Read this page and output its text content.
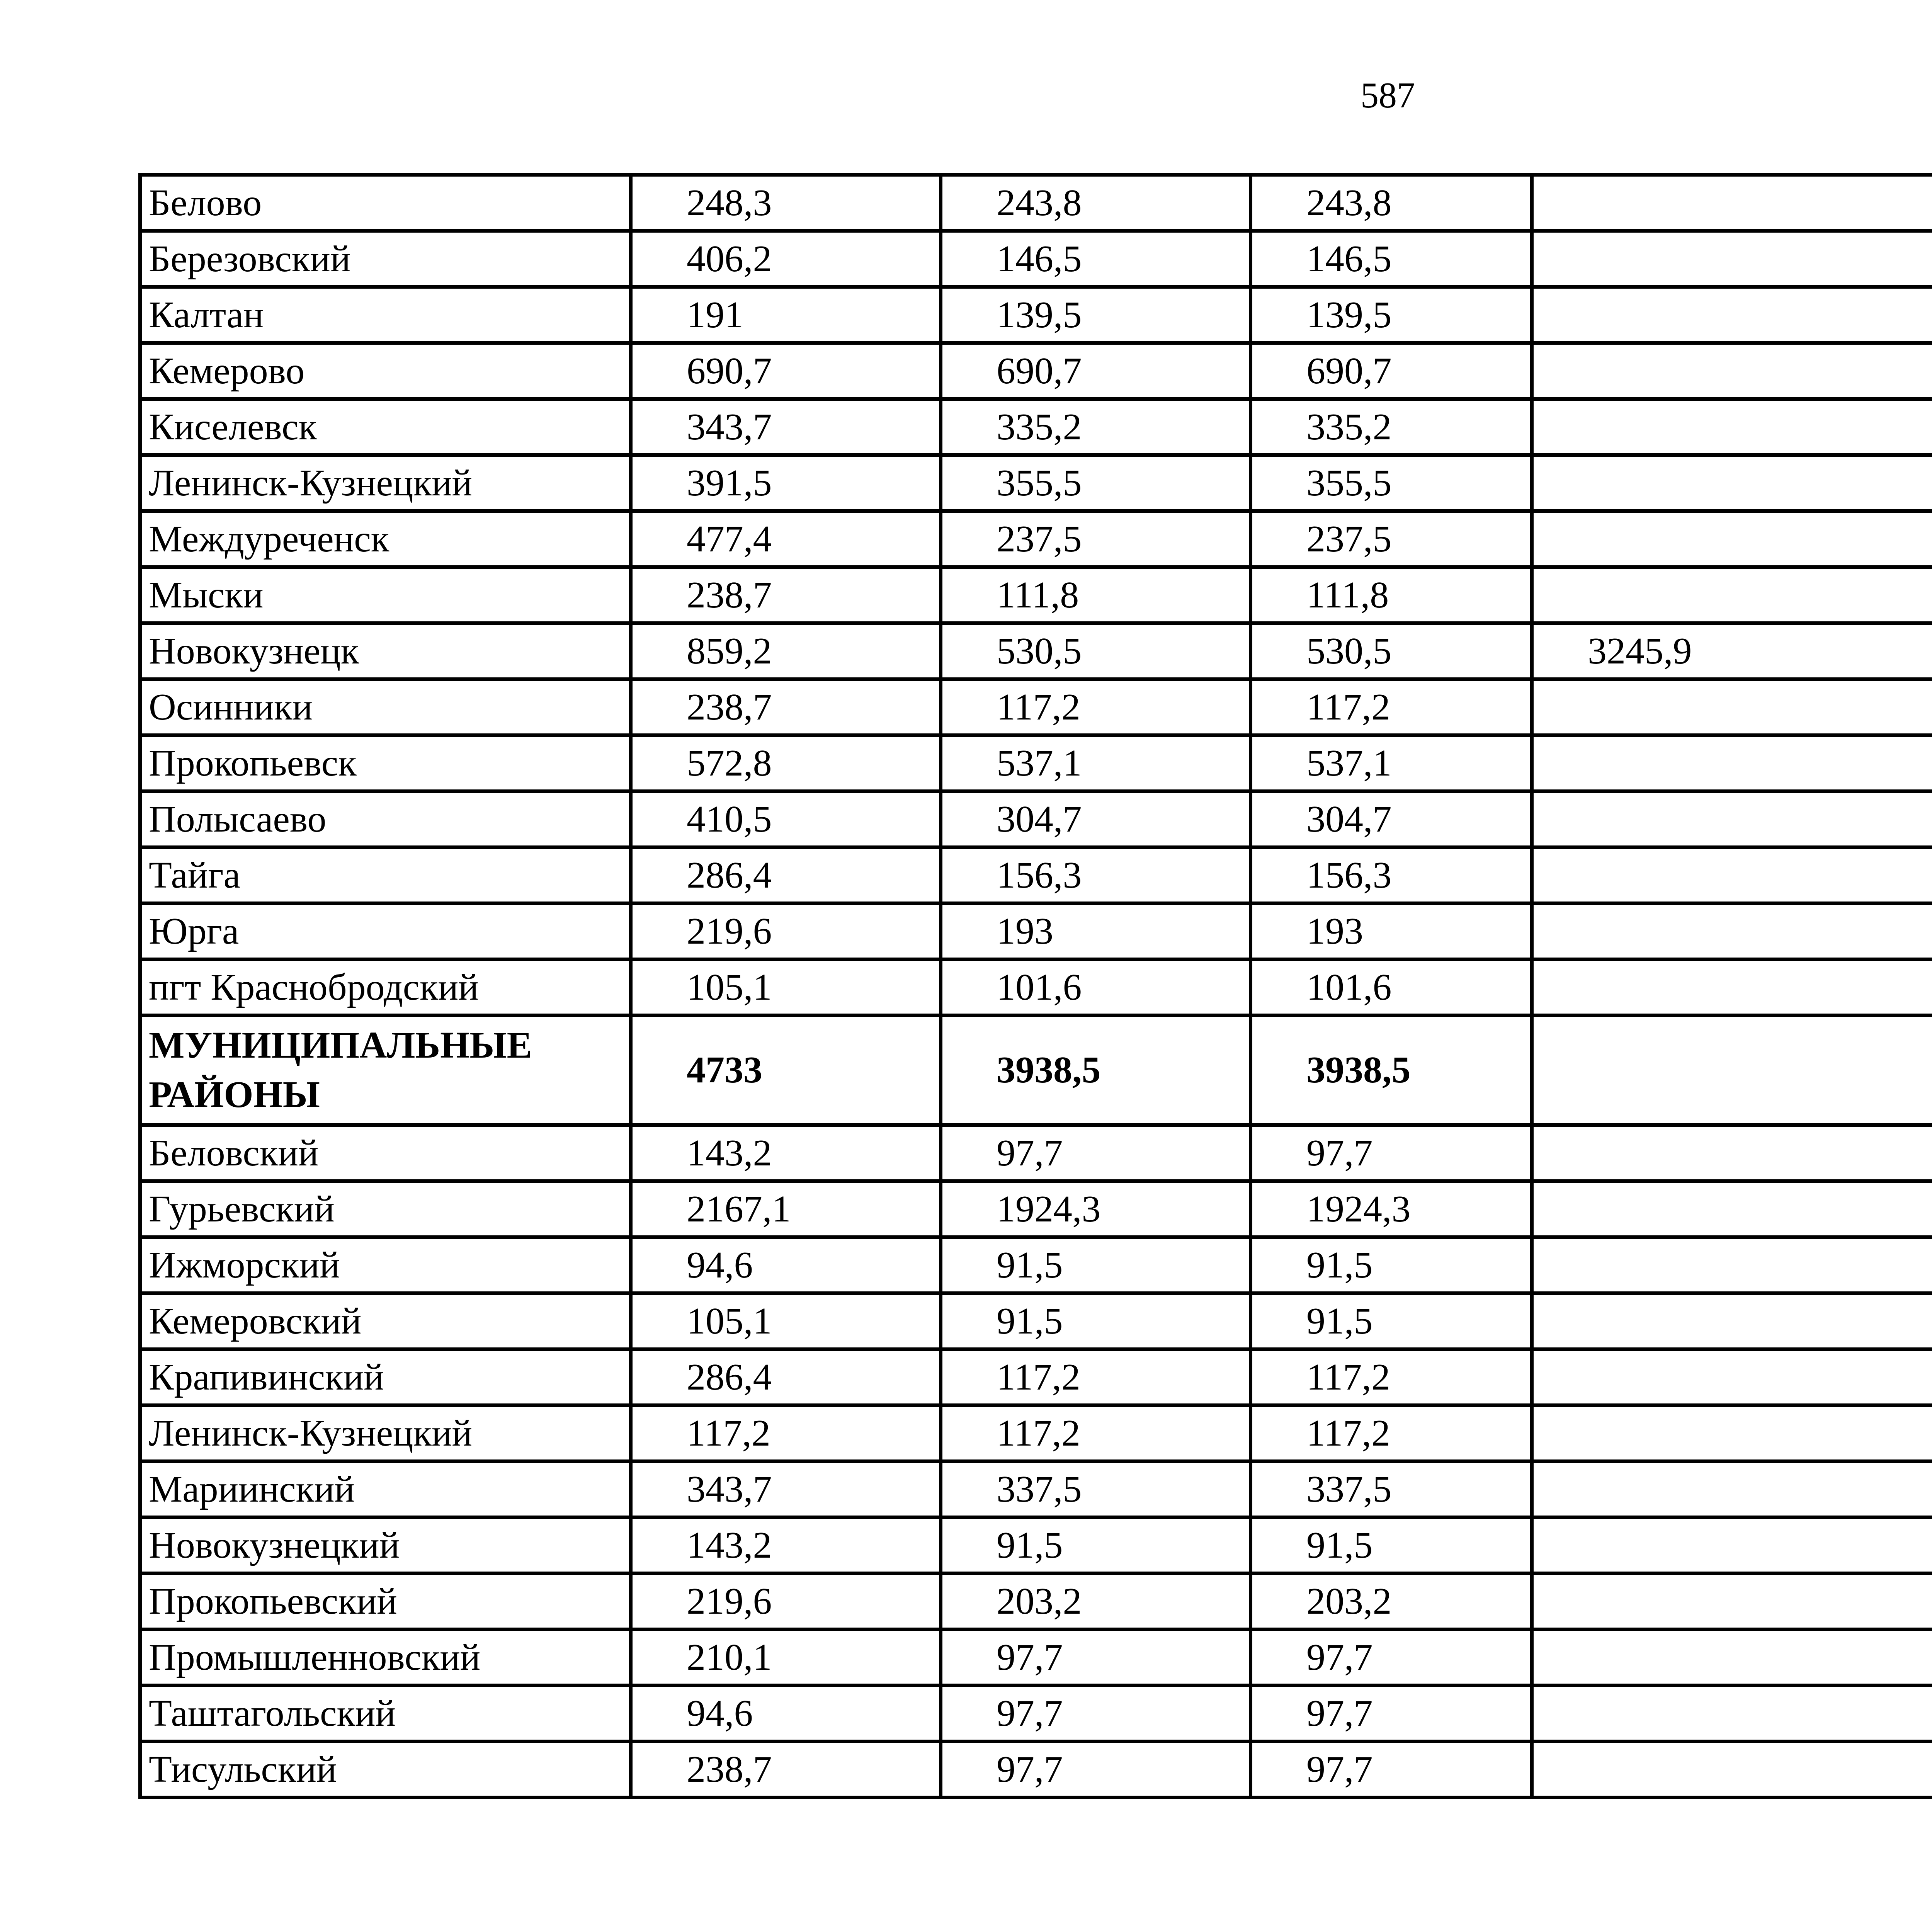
587
Белово	248,3	243,8	243,8	
Березовский	406,2	146,5	146,5	
Калтан	191	139,5	139,5	
Кемерово	690,7	690,7	690,7	
Киселевск	343,7	335,2	335,2	
Ленинск-Кузнецкий	391,5	355,5	355,5	
Междуреченск	477,4	237,5	237,5	
Мыски	238,7	111,8	111,8	
Новокузнецк	859,2	530,5	530,5	3245,9
Осинники	238,7	117,2	117,2	
Прокопьевск	572,8	537,1	537,1	
Полысаево	410,5	304,7	304,7	
Тайга	286,4	156,3	156,3	
Юрга	219,6	193	193	
пгт Краснобродский	105,1	101,6	101,6	
МУНИЦИПАЛЬНЫЕ РАЙОНЫ	4733	3938,5	3938,5	
Беловский	143,2	97,7	97,7	
Гурьевский	2167,1	1924,3	1924,3	
Ижморский	94,6	91,5	91,5	
Кемеровский	105,1	91,5	91,5	
Крапивинский	286,4	117,2	117,2	
Ленинск-Кузнецкий	117,2	117,2	117,2	
Мариинский	343,7	337,5	337,5	
Новокузнецкий	143,2	91,5	91,5	
Прокопьевский	219,6	203,2	203,2	
Промышленновский	210,1	97,7	97,7	
Таштагольский	94,6	97,7	97,7	
Тисульский	238,7	97,7	97,7	
